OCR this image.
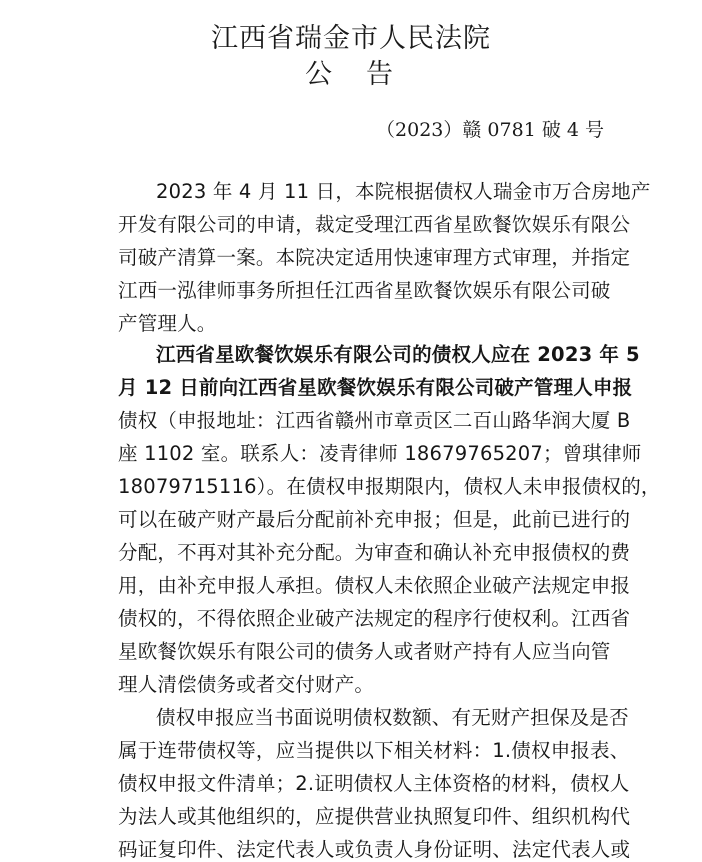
江西省瑞金市人民法院
公告
（2023）赣 0781 破 4 号
2023 年 4 月 11 日，本院根据债权人瑞金市万合房地产
开发有限公司的申请，裁定受理江西省星欧餐饮娱乐有限公
司破产清算一案。本院决定适用快速审理方式审理，并指定
江西一泓律师事务所担任江西省星欧餐饮娱乐有限公司破
产管理人。
江西省星欧餐饮娱乐有限公司的债权人应在 2023 年 5
月 12 日前向江西省星欧餐饮娱乐有限公司破产管理人申报
债权（申报地址：江西省赣州市章贡区二百山路华润大厦 B
座 1102 室。联系人：凌青律师 18679765207；曾琪律师
18079715116）。在债权申报期限内，债权人未申报债权的，
可以在破产财产最后分配前补充申报；但是，此前已进行的
分配，不再对其补充分配。为审查和确认补充申报债权的费
用，由补充申报人承担。债权人未依照企业破产法规定申报
债权的，不得依照企业破产法规定的程序行使权利。江西省
星欧餐饮娱乐有限公司的债务人或者财产持有人应当向管
理人清偿债务或者交付财产。
债权申报应当书面说明债权数额、有无财产担保及是否
属于连带债权等，应当提供以下相关材料：1.债权申报表、
债权申报文件清单；2.证明债权人主体资格的材料，债权人
为法人或其他组织的，应提供营业执照复印件、组织机构代
码证复印件、法定代表人或负责人身份证明、法定代表人或
